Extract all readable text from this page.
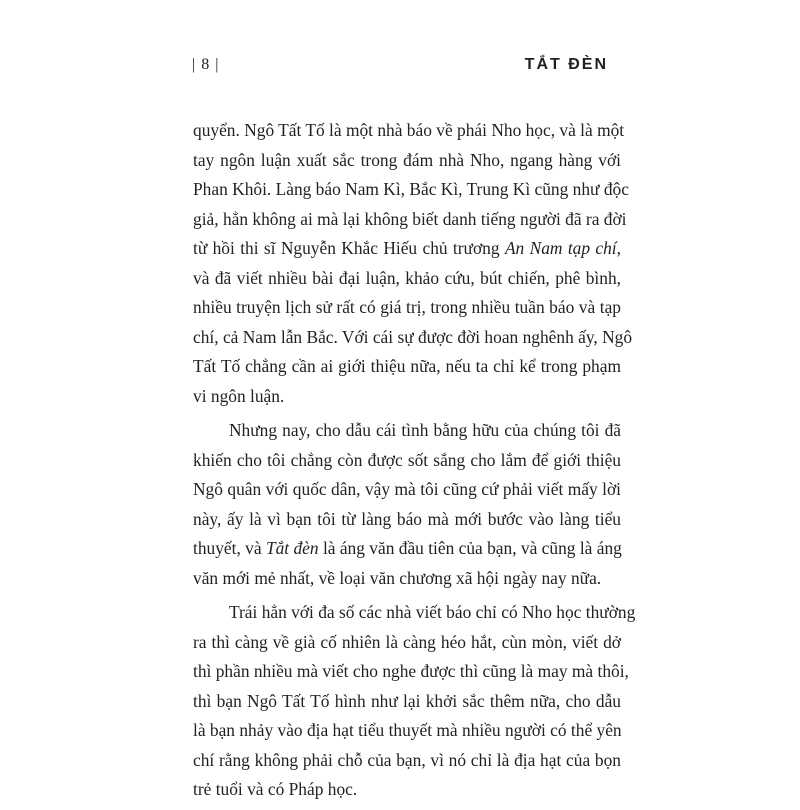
| 8 |	TẮT ĐÈN
quyển. Ngô Tất Tố là một nhà báo về phái Nho học, và là một
tay ngôn luận xuất sắc trong đám nhà Nho, ngang hàng với
Phan Khôi. Làng báo Nam Kì, Bắc Kì, Trung Kì cũng như độc
giả, hẳn không ai mà lại không biết danh tiếng người đã ra đời
từ hồi thi sĩ Nguyễn Khắc Hiếu chủ trương An Nam tạp chí,
và đã viết nhiều bài đại luận, khảo cứu, bút chiến, phê bình,
nhiều truyện lịch sử rất có giá trị, trong nhiều tuần báo và tạp
chí, cả Nam lẫn Bắc. Với cái sự được đời hoan nghênh ấy, Ngô
Tất Tố chẳng cần ai giới thiệu nữa, nếu ta chỉ kể trong phạm
vi ngôn luận.
Nhưng nay, cho dẫu cái tình bằng hữu của chúng tôi đã
khiến cho tôi chẳng còn được sốt sắng cho lắm để giới thiệu
Ngô quân với quốc dân, vậy mà tôi cũng cứ phải viết mấy lời
này, ấy là vì bạn tôi từ làng báo mà mới bước vào làng tiểu
thuyết, và Tắt đèn là áng văn đầu tiên của bạn, và cũng là áng
văn mới mẻ nhất, về loại văn chương xã hội ngày nay nữa.
Trái hẳn với đa số các nhà viết báo chỉ có Nho học thường
ra thì càng về già cố nhiên là càng héo hắt, cùn mòn, viết dở
thì phần nhiều mà viết cho nghe được thì cũng là may mà thôi,
thì bạn Ngô Tất Tố hình như lại khởi sắc thêm nữa, cho dẫu
là bạn nhảy vào địa hạt tiểu thuyết mà nhiều người có thể yên
chí rằng không phải chỗ của bạn, vì nó chỉ là địa hạt của bọn
trẻ tuổi và có Pháp học.
